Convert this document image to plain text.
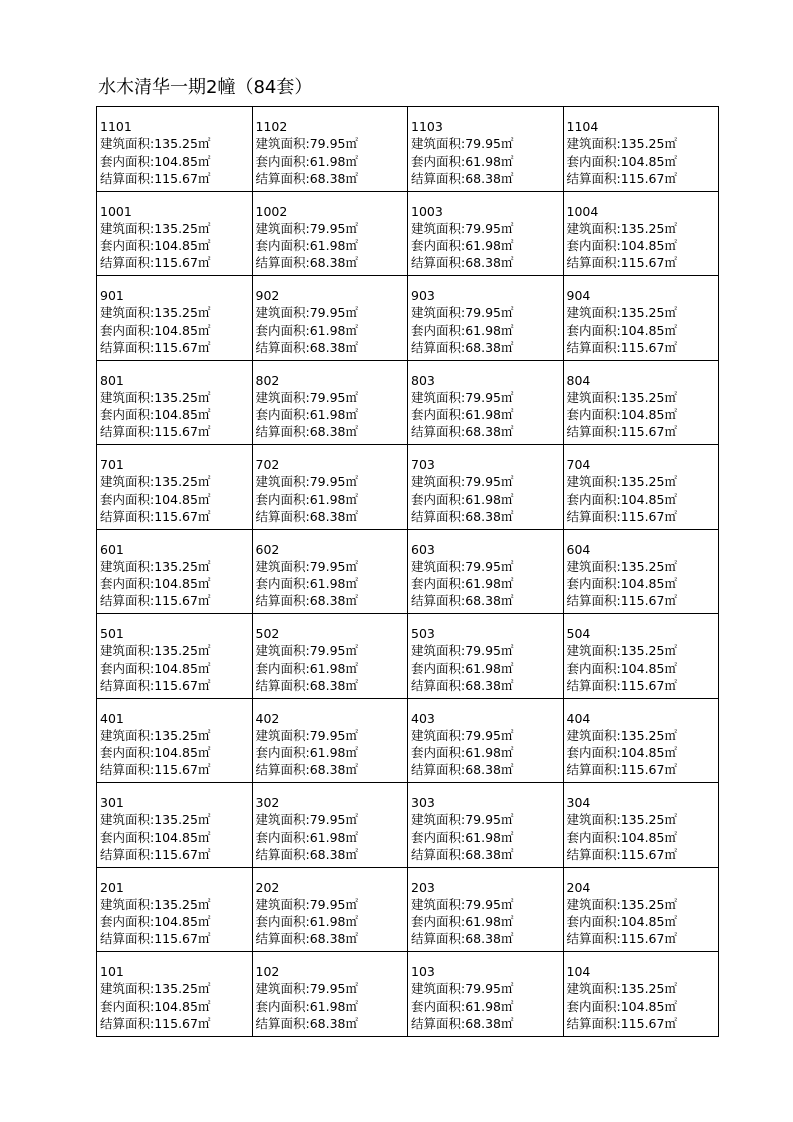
水木清华一期2幢（84套）
1101
建筑面积:135.25㎡
套内面积:104.85㎡
结算面积:115.67㎡	1102
建筑面积:79.95㎡
套内面积:61.98㎡
结算面积:68.38㎡	1103
建筑面积:79.95㎡
套内面积:61.98㎡
结算面积:68.38㎡	1104
建筑面积:135.25㎡
套内面积:104.85㎡
结算面积:115.67㎡

1001
建筑面积:135.25㎡
套内面积:104.85㎡
结算面积:115.67㎡	1002
建筑面积:79.95㎡
套内面积:61.98㎡
结算面积:68.38㎡	1003
建筑面积:79.95㎡
套内面积:61.98㎡
结算面积:68.38㎡	1004
建筑面积:135.25㎡
套内面积:104.85㎡
结算面积:115.67㎡

901
建筑面积:135.25㎡
套内面积:104.85㎡
结算面积:115.67㎡	902
建筑面积:79.95㎡
套内面积:61.98㎡
结算面积:68.38㎡	903
建筑面积:79.95㎡
套内面积:61.98㎡
结算面积:68.38㎡	904
建筑面积:135.25㎡
套内面积:104.85㎡
结算面积:115.67㎡

801
建筑面积:135.25㎡
套内面积:104.85㎡
结算面积:115.67㎡	802
建筑面积:79.95㎡
套内面积:61.98㎡
结算面积:68.38㎡	803
建筑面积:79.95㎡
套内面积:61.98㎡
结算面积:68.38㎡	804
建筑面积:135.25㎡
套内面积:104.85㎡
结算面积:115.67㎡

701
建筑面积:135.25㎡
套内面积:104.85㎡
结算面积:115.67㎡	702
建筑面积:79.95㎡
套内面积:61.98㎡
结算面积:68.38㎡	703
建筑面积:79.95㎡
套内面积:61.98㎡
结算面积:68.38㎡	704
建筑面积:135.25㎡
套内面积:104.85㎡
结算面积:115.67㎡

601
建筑面积:135.25㎡
套内面积:104.85㎡
结算面积:115.67㎡	602
建筑面积:79.95㎡
套内面积:61.98㎡
结算面积:68.38㎡	603
建筑面积:79.95㎡
套内面积:61.98㎡
结算面积:68.38㎡	604
建筑面积:135.25㎡
套内面积:104.85㎡
结算面积:115.67㎡

501
建筑面积:135.25㎡
套内面积:104.85㎡
结算面积:115.67㎡	502
建筑面积:79.95㎡
套内面积:61.98㎡
结算面积:68.38㎡	503
建筑面积:79.95㎡
套内面积:61.98㎡
结算面积:68.38㎡	504
建筑面积:135.25㎡
套内面积:104.85㎡
结算面积:115.67㎡

401
建筑面积:135.25㎡
套内面积:104.85㎡
结算面积:115.67㎡	402
建筑面积:79.95㎡
套内面积:61.98㎡
结算面积:68.38㎡	403
建筑面积:79.95㎡
套内面积:61.98㎡
结算面积:68.38㎡	404
建筑面积:135.25㎡
套内面积:104.85㎡
结算面积:115.67㎡

301
建筑面积:135.25㎡
套内面积:104.85㎡
结算面积:115.67㎡	302
建筑面积:79.95㎡
套内面积:61.98㎡
结算面积:68.38㎡	303
建筑面积:79.95㎡
套内面积:61.98㎡
结算面积:68.38㎡	304
建筑面积:135.25㎡
套内面积:104.85㎡
结算面积:115.67㎡

201
建筑面积:135.25㎡
套内面积:104.85㎡
结算面积:115.67㎡	202
建筑面积:79.95㎡
套内面积:61.98㎡
结算面积:68.38㎡	203
建筑面积:79.95㎡
套内面积:61.98㎡
结算面积:68.38㎡	204
建筑面积:135.25㎡
套内面积:104.85㎡
结算面积:115.67㎡

101
建筑面积:135.25㎡
套内面积:104.85㎡
结算面积:115.67㎡	102
建筑面积:79.95㎡
套内面积:61.98㎡
结算面积:68.38㎡	103
建筑面积:79.95㎡
套内面积:61.98㎡
结算面积:68.38㎡	104
建筑面积:135.25㎡
套内面积:104.85㎡
结算面积:115.67㎡
